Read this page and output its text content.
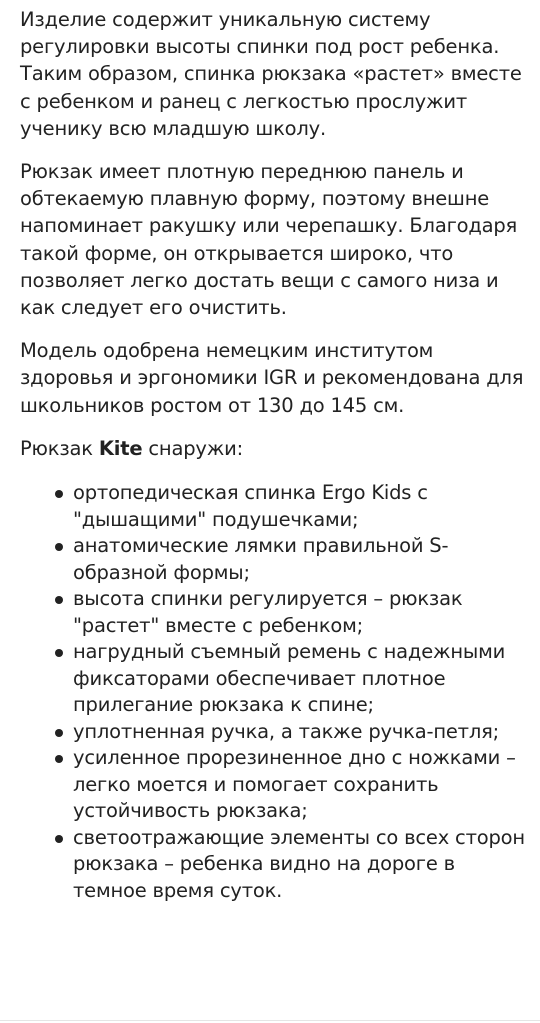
Изделие содержит уникальную систему регулировки высоты спинки под рост ребенка. Таким образом, спинка рюкзака «растет» вместе с ребенком и ранец с легкостью прослужит ученику всю младшую школу.

Рюкзак имеет плотную переднюю панель и обтекаемую плавную форму, поэтому внешне напоминает ракушку или черепашку. Благодаря такой форме, он открывается широко, что позволяет легко достать вещи с самого низа и как следует его очистить.

Модель одобрена немецким институтом здоровья и эргономики IGR и рекомендована для школьников ростом от 130 до 145 см.

Рюкзак Kite снаружи:

ортопедическая спинка Ergo Kids с "дышащими" подушечками;
анатомические лямки правильной S-образной формы;
высота спинки регулируется – рюкзак "растет" вместе с ребенком;
нагрудный съемный ремень с надежными фиксаторами обеспечивает плотное прилегание рюкзака к спине;
уплотненная ручка, а также ручка-петля;
усиленное прорезиненное дно с ножками – легко моется и помогает сохранить устойчивость рюкзака;
светоотражающие элементы со всех сторон рюкзака – ребенка видно на дороге в темное время суток.
